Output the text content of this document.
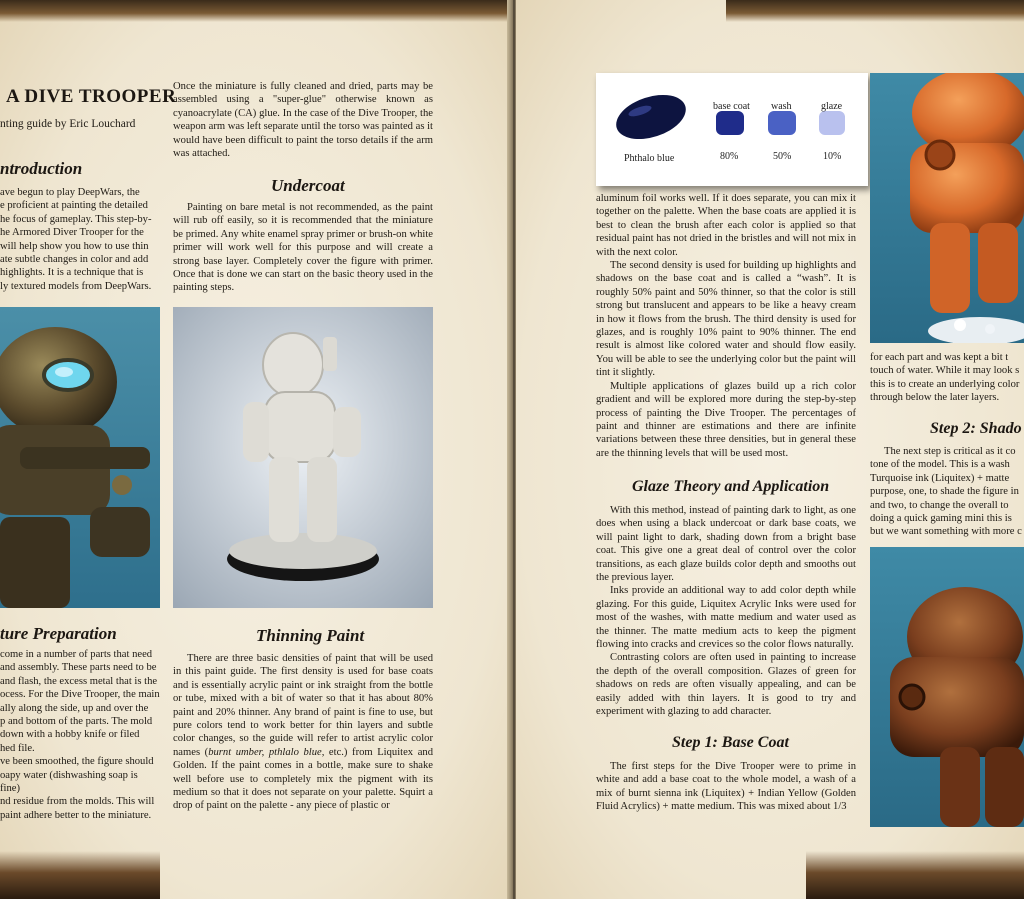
A DIVE TROOPER
nting guide by Eric Louchard
ntroduction
ave begun to play DeepWars, the
e proficient at painting the detailed
he focus of gameplay. This step-by-
he Armored Diver Trooper for the
will help show you how to use thin
ate subtle changes in color and add
highlights. It is a technique that is
ly textured models from DeepWars.

Once the miniature is fully cleaned and dried, parts may be assembled using a "super-glue" otherwise known as cyanoacrylate (CA) glue. In the case of the Dive Trooper, the weapon arm was left separate until the torso was painted as it would have been difficult to paint the torso details if the arm was attached.

Undercoat

Painting on bare metal is not recommended, as the paint will rub off easily, so it is recommended that the miniature be primed. Any white enamel spray primer or brush-on white primer will work well for this purpose and will create a strong base layer. Completely cover the figure with primer. Once that is done we can start on the basic theory used in the painting steps.

ture Preparation
come in a number of parts that need
and assembly. These parts need to be
and flash, the excess metal that is the
ocess. For the Dive Trooper, the main
ally along the side, up and over the
p and bottom of the parts. The mold
down with a hobby knife or filed
hed file.
ve been smoothed, the figure should
oapy water (dishwashing soap is fine)
nd residue from the molds. This will
paint adhere better to the miniature.
Thinning Paint

There are three basic densities of paint that will be used in this paint guide. The first density is used for base coats and is essentially acrylic paint or ink straight from the bottle or tube, mixed with a bit of water so that it has about 80% paint and 20% thinner. Any brand of paint is fine to use, but pure colors tend to work better for thin layers and subtle color changes, so the guide will refer to artist acrylic color names (burnt umber, pthlalo blue, etc.) from Liquitex and Golden. If the paint comes in a bottle, make sure to shake well before use to completely mix the pigment with its medium so that it does not separate on your palette. Squirt a drop of paint on the palette - any piece of plastic or

Phthalo blue
base coat wash	glaze
80%	50%	10%

aluminum foil works well. If it does separate, you can mix it together on the palette. When the base coats are applied it is best to clean the brush after each color is applied so that residual paint has not dried in the bristles and will not mix in with the next color.

The second density is used for building up highlights and shadows on the base coat and is called a “wash”. It is roughly 50% paint and 50% thinner, so that the color is still strong but translucent and appears to be like a heavy cream in how it flows from the brush. The third density is used for glazes, and is roughly 10% paint to 90% thinner. The end result is almost like colored water and should flow easily. You will be able to see the underlying color but the paint will tint it slightly.

Multiple applications of glazes build up a rich color gradient and will be explored more during the step-by-step process of painting the Dive Trooper. The percentages of paint and thinner are estimations and there are infinite variations between these three densities, but in general these are the thinning levels that will be used most.

Glaze Theory and Application

With this method, instead of painting dark to light, as one does when using a black undercoat or dark base coats, we will paint light to dark, shading down from a bright base coat. This give one a great deal of control over the color transitions, as each glaze builds color depth and smooths out the previous layer.

Inks provide an additional way to add color depth while glazing. For this guide, Liquitex Acrylic Inks were used for most of the washes, with matte medium and water used as the thinner. The matte medium acts to keep the pigment flowing into cracks and crevices so the color flows naturally.

Contrasting colors are often used in painting to increase the depth of the overall composition. Glazes of green for shadows on reds are often visually appealing, and can be easily added with thin layers. It is good to try and experiment with glazing to add character.

Step 1: Base Coat

The first steps for the Dive Trooper were to prime in white and add a base coat to the whole model, a wash of a mix of burnt sienna ink (Liquitex) + Indian Yellow (Golden Fluid Acrylics) + matte medium. This was mixed about 1/3

for each part and was kept a bit t
touch of water. While it may look s
this is to create an underlying color
through below the later layers.
Step 2: Shado
The next step is critical as it co
tone of the model. This is a wash
Turquoise ink (Liquitex) + matte
purpose, one, to shade the figure in
and two, to change the overall to
doing a quick gaming mini this is
but we want something with more c
